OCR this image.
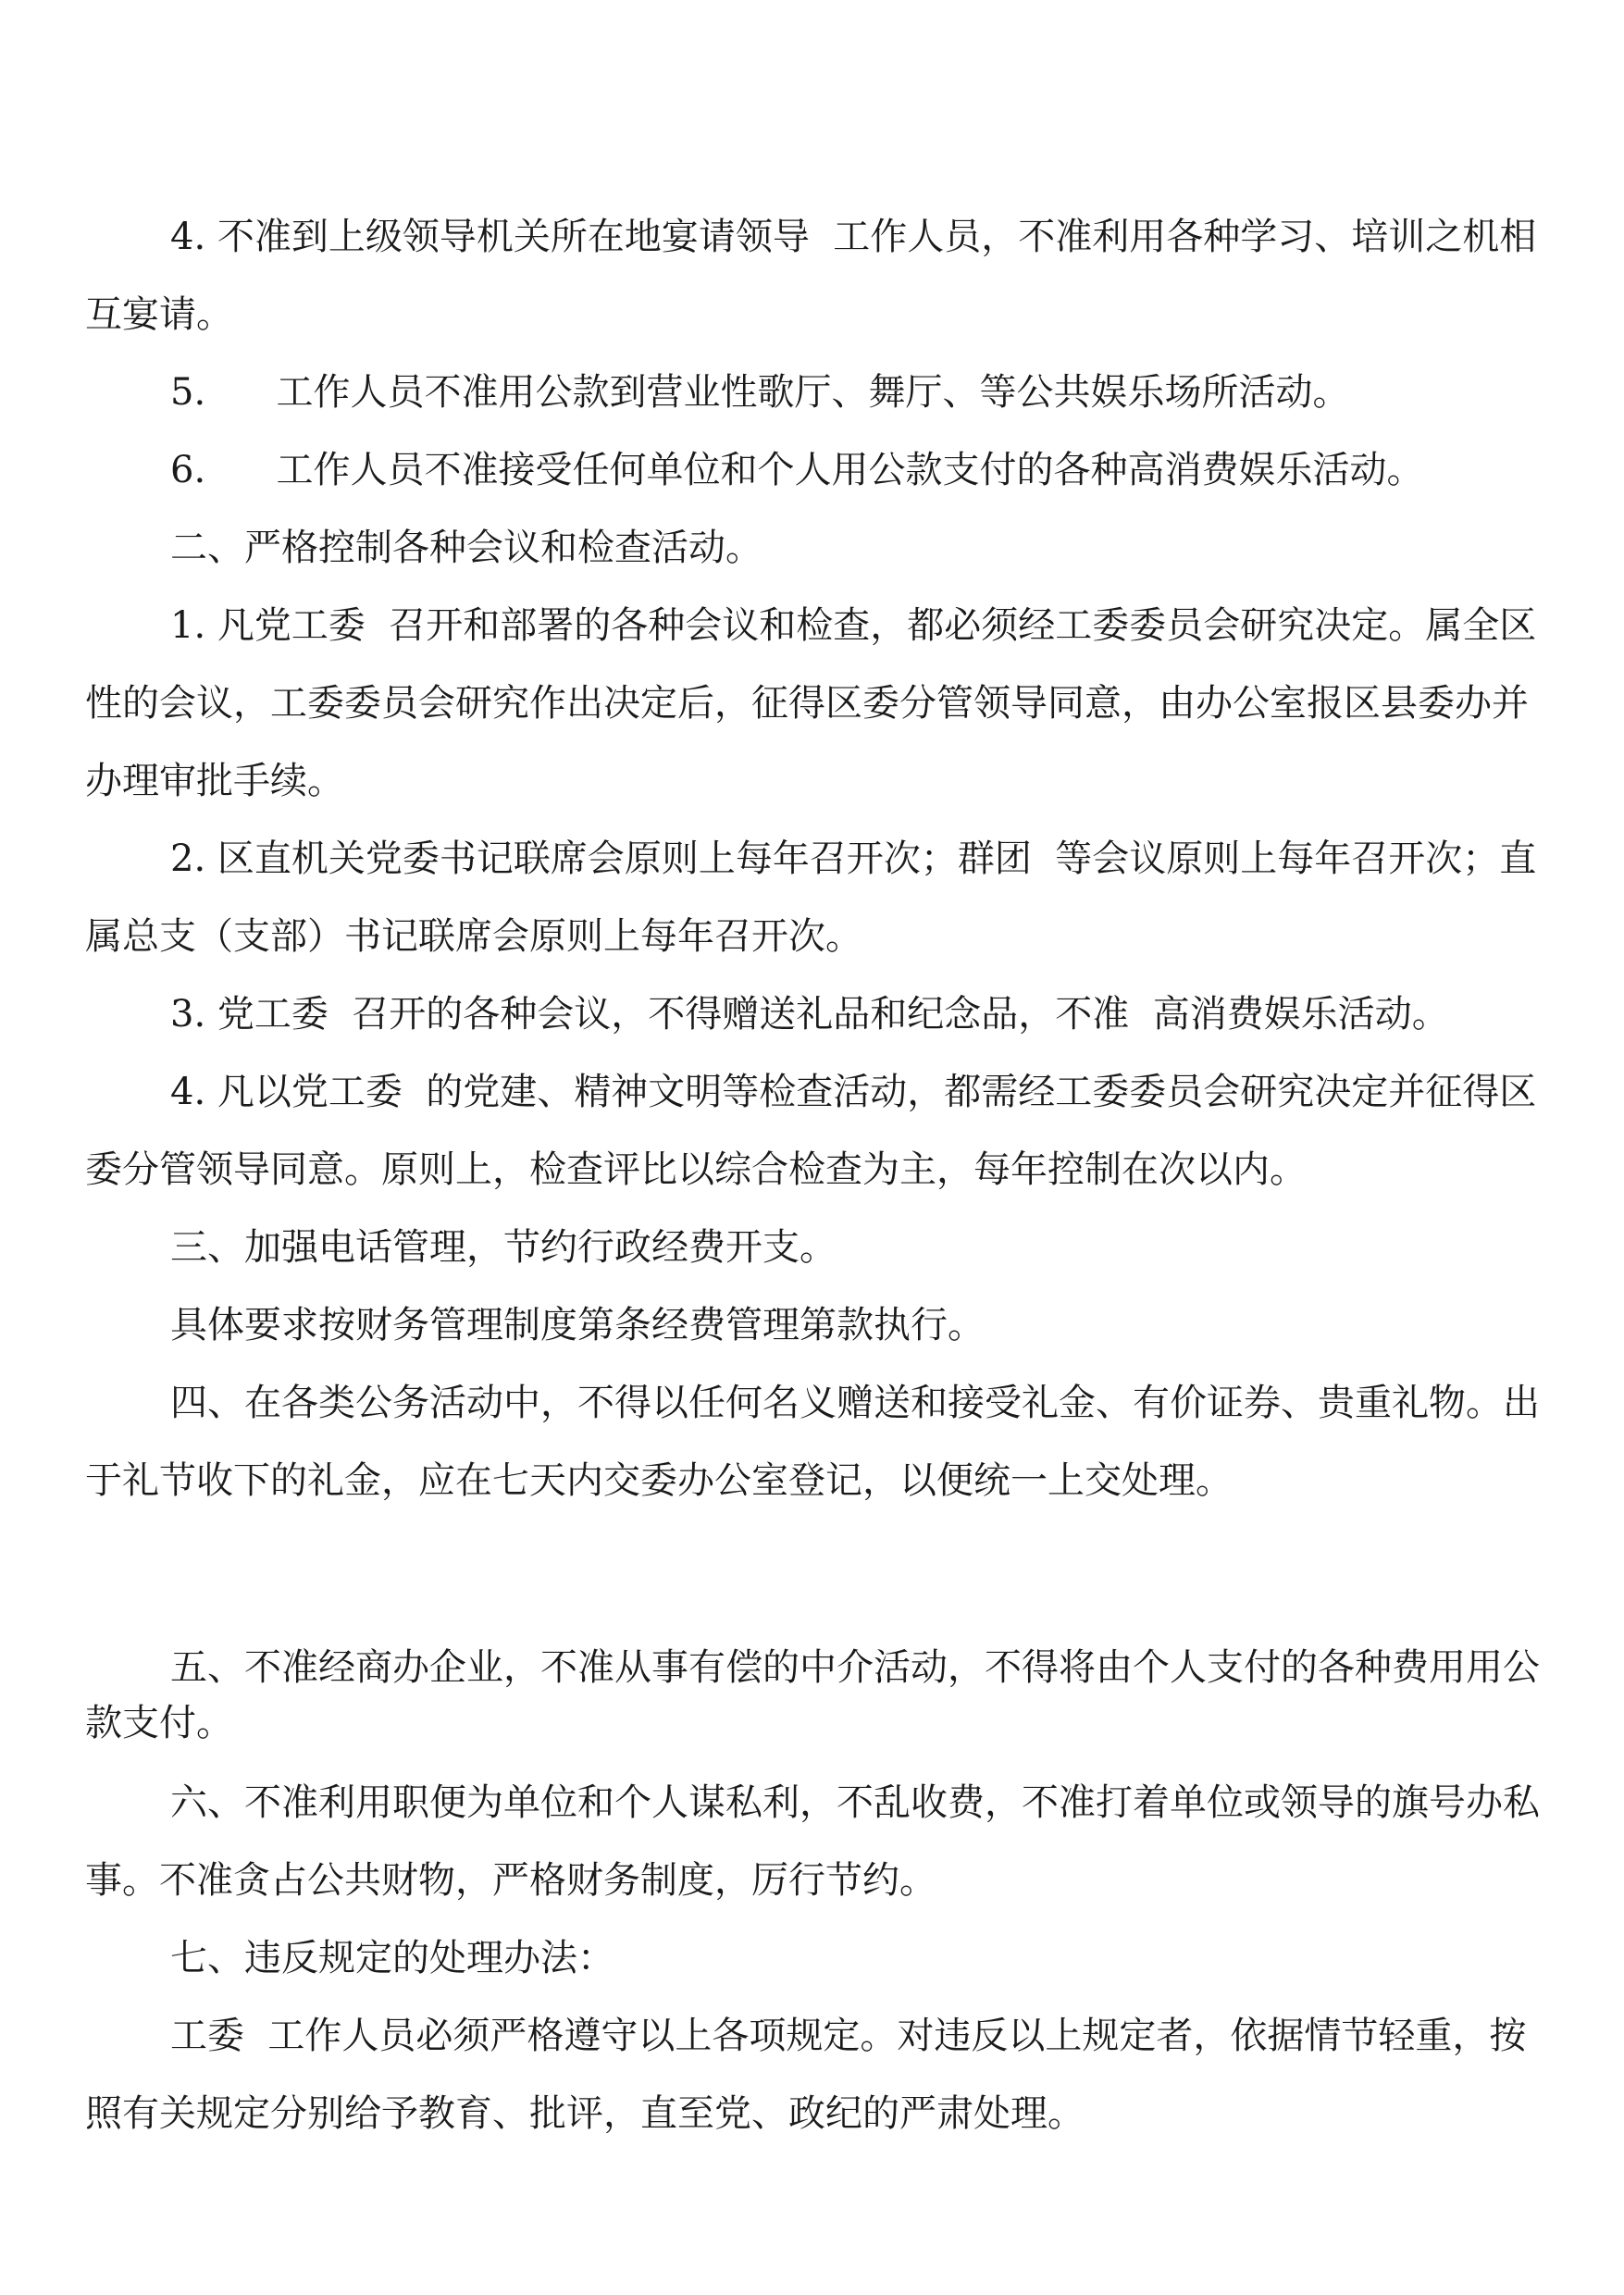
4. 不准到上级领导机关所在地宴请领导  工作人员，不准利用各种学习、培训之机相互宴请。

5.      工作人员不准用公款到营业性歌厅、舞厅、等公共娱乐场所活动。

6.      工作人员不准接受任何单位和个人用公款支付的各种高消费娱乐活动。

二、严格控制各种会议和检查活动。

1. 凡党工委  召开和部署的各种会议和检查，都必须经工委委员会研究决定。属全区性的会议，工委委员会研究作出决定后，征得区委分管领导同意，由办公室报区县委办并办理审批手续。

2. 区直机关党委书记联席会原则上每年召开次；群团  等会议原则上每年召开次；直属总支（支部）书记联席会原则上每年召开次。

3. 党工委  召开的各种会议，不得赠送礼品和纪念品，不准  高消费娱乐活动。

4. 凡以党工委  的党建、精神文明等检查活动，都需经工委委员会研究决定并征得区委分管领导同意。原则上，检查评比以综合检查为主，每年控制在次以内。

三、加强电话管理，节约行政经费开支。

具体要求按财务管理制度第条经费管理第款执行。

四、在各类公务活动中，不得以任何名义赠送和接受礼金、有价证券、贵重礼物。出于礼节收下的礼金，应在七天内交委办公室登记，以便统一上交处理。

五、不准经商办企业，不准从事有偿的中介活动，不得将由个人支付的各种费用用公款支付。

六、不准利用职便为单位和个人谋私利，不乱收费，不准打着单位或领导的旗号办私事。不准贪占公共财物，严格财务制度，厉行节约。

七、违反规定的处理办法：

工委  工作人员必须严格遵守以上各项规定。对违反以上规定者，依据情节轻重，按照有关规定分别给予教育、批评，直至党、政纪的严肃处理。
